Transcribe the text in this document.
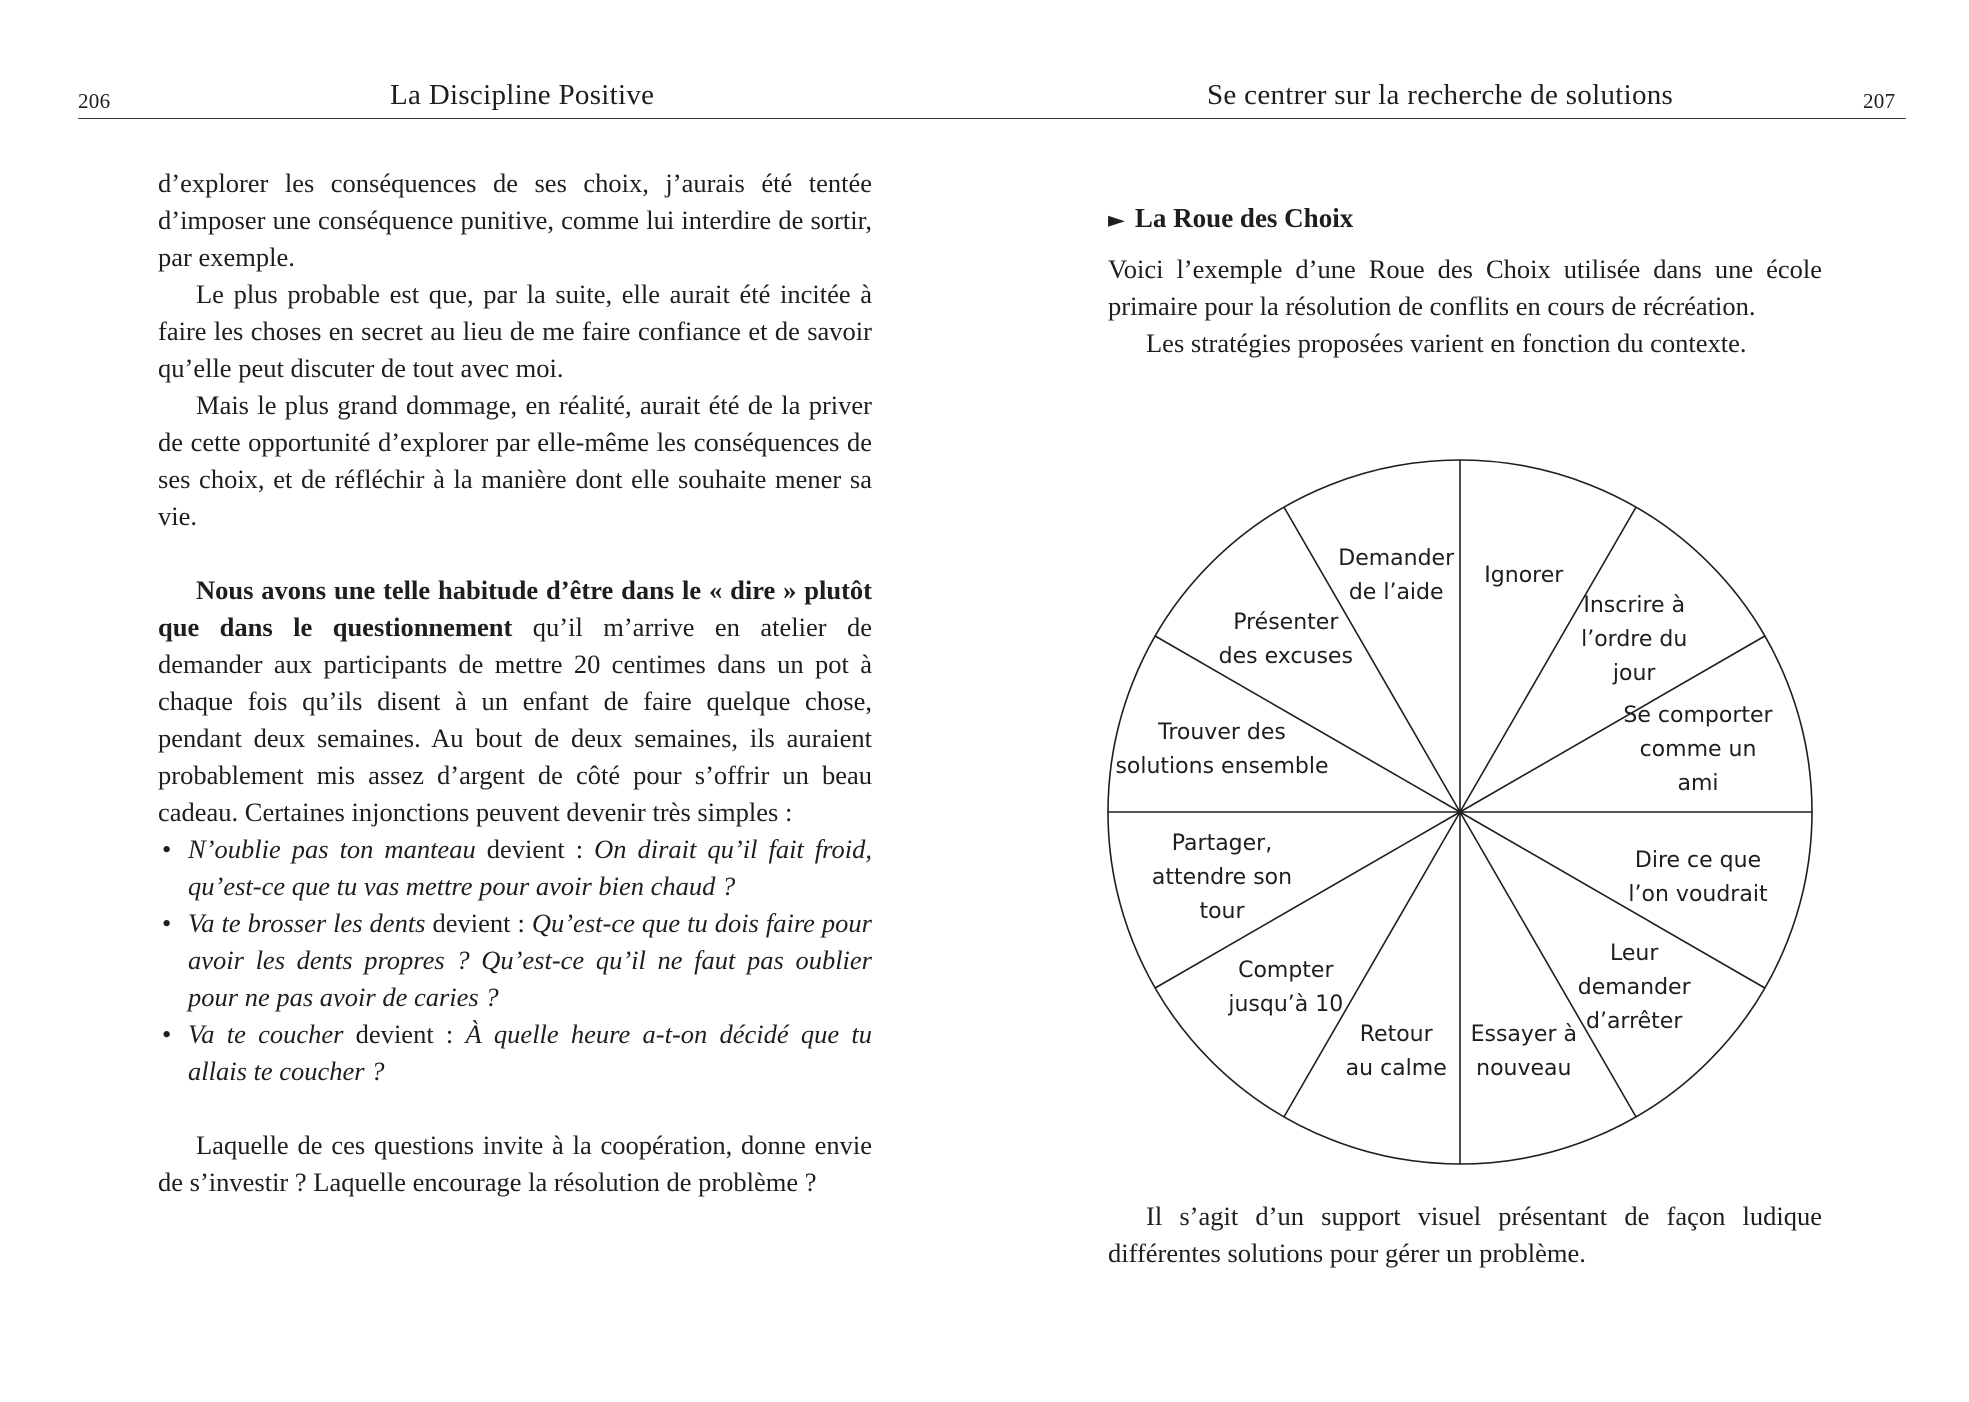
206	La Discipline Positive	Se centrer sur la recherche de solutions	207

d’explorer les conséquences de ses choix, j’aurais été tentée d’imposer une conséquence punitive, comme lui interdire de sortir, par exemple.

Le plus probable est que, par la suite, elle aurait été incitée à faire les choses en secret au lieu de me faire confiance et de savoir qu’elle peut discuter de tout avec moi.

Mais le plus grand dommage, en réalité, aurait été de la priver de cette opportunité d’explorer par elle-même les conséquences de ses choix, et de réfléchir à la manière dont elle souhaite mener sa vie.

Nous avons une telle habitude d’être dans le « dire » plutôt que dans le questionnement qu’il m’arrive en atelier de demander aux participants de mettre 20 centimes dans un pot à chaque fois qu’ils disent à un enfant de faire quelque chose, pendant deux semaines. Au bout de deux semaines, ils auraient probablement mis assez d’argent de côté pour s’offrir un beau cadeau. Certaines injonctions peuvent devenir très simples :

• N’oublie pas ton manteau devient : On dirait qu’il fait froid, qu’est-ce que tu vas mettre pour avoir bien chaud ?
• Va te brosser les dents devient : Qu’est-ce que tu dois faire pour avoir les dents propres ? Qu’est-ce qu’il ne faut pas oublier pour ne pas avoir de caries ?
• Va te coucher devient : À quelle heure a-t-on décidé que tu allais te coucher ?

Laquelle de ces questions invite à la coopération, donne envie de s’investir ? Laquelle encourage la résolution de problème ?

► La Roue des Choix

Voici l’exemple d’une Roue des Choix utilisée dans une école primaire pour la résolution de conflits en cours de récréation.

Les stratégies proposées varient en fonction du contexte.

Ignorer
Inscrire à l’ordre du jour
Se comporter comme un ami
Dire ce que l’on voudrait
Leur demander d’arrêter
Essayer à nouveau
Retour au calme
Compter jusqu’à 10
Partager, attendre son tour
Trouver des solutions ensemble
Présenter des excuses
Demander de l’aide

Il s’agit d’un support visuel présentant de façon ludique différentes solutions pour gérer un problème.
